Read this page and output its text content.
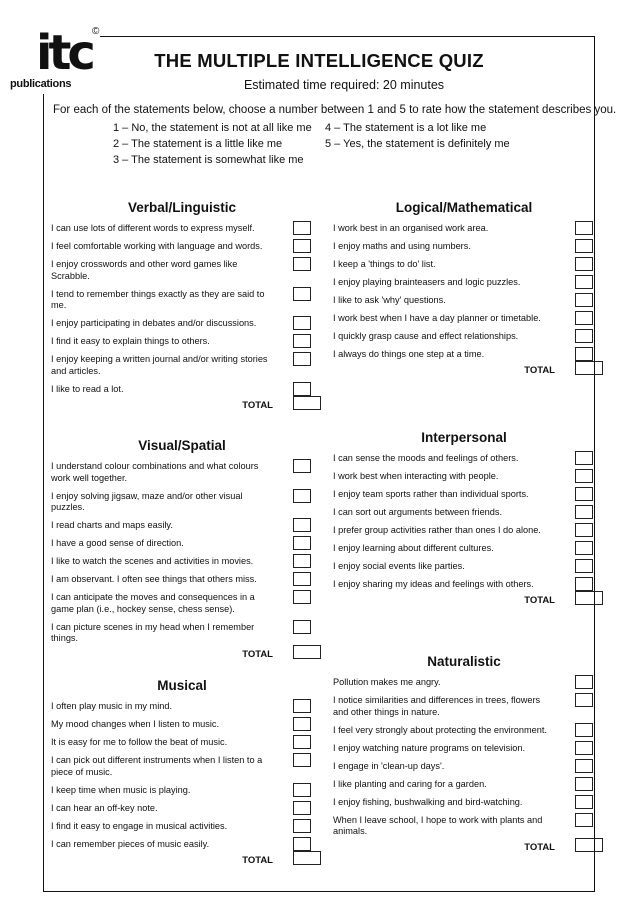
itc ©
publications
THE MULTIPLE INTELLIGENCE QUIZ
Estimated time required: 20 minutes
For each of the statements below, choose a number between 1 and 5 to rate how the statement describes you.
1 – No, the statement is not at all like me
2 – The statement is a little like me
3 – The statement is somewhat like me
4 – The statement is a lot like me
5 – Yes, the statement is definitely me
Verbal/Linguistic
I can use lots of different words to express myself.
I feel comfortable working with language and words.
I enjoy crosswords and other word games like Scrabble.
I tend to remember things exactly as they are said to me.
I enjoy participating in debates and/or discussions.
I find it easy to explain things to others.
I enjoy keeping a written journal and/or writing stories and articles.
I like to read a lot.
TOTAL
Logical/Mathematical
I work best in an organised work area.
I enjoy maths and using numbers.
I keep a 'things to do' list.
I enjoy playing brainteasers and logic puzzles.
I like to ask 'why' questions.
I work best when I have a day planner or timetable.
I quickly grasp cause and effect relationships.
I always do things one step at a time.
TOTAL
Visual/Spatial
I understand colour combinations and what colours work well together.
I enjoy solving jigsaw, maze and/or other visual puzzles.
I read charts and maps easily.
I have a good sense of direction.
I like to watch the scenes and activities in movies.
I am observant. I often see things that others miss.
I can anticipate the moves and consequences in a game plan (i.e., hockey sense, chess sense).
I can picture scenes in my head when I remember things.
TOTAL
Interpersonal
I can sense the moods and feelings of others.
I work best when interacting with people.
I enjoy team sports rather than individual sports.
I can sort out arguments between friends.
I prefer group activities rather than ones I do alone.
I enjoy learning about different cultures.
I enjoy social events like parties.
I enjoy sharing my ideas and feelings with others.
TOTAL
Musical
I often play music in my mind.
My mood changes when I listen to music.
It is easy for me to follow the beat of music.
I can pick out different instruments when I listen to a piece of music.
I keep time when music is playing.
I can hear an off-key note.
I find it easy to engage in musical activities.
I can remember pieces of music easily.
TOTAL
Naturalistic
Pollution makes me angry.
I notice similarities and differences in trees, flowers and other things in nature.
I feel very strongly about protecting the environment.
I enjoy watching nature programs on television.
I engage in 'clean-up days'.
I like planting and caring for a garden.
I enjoy fishing, bushwalking and bird-watching.
When I leave school, I hope to work with plants and animals.
TOTAL
